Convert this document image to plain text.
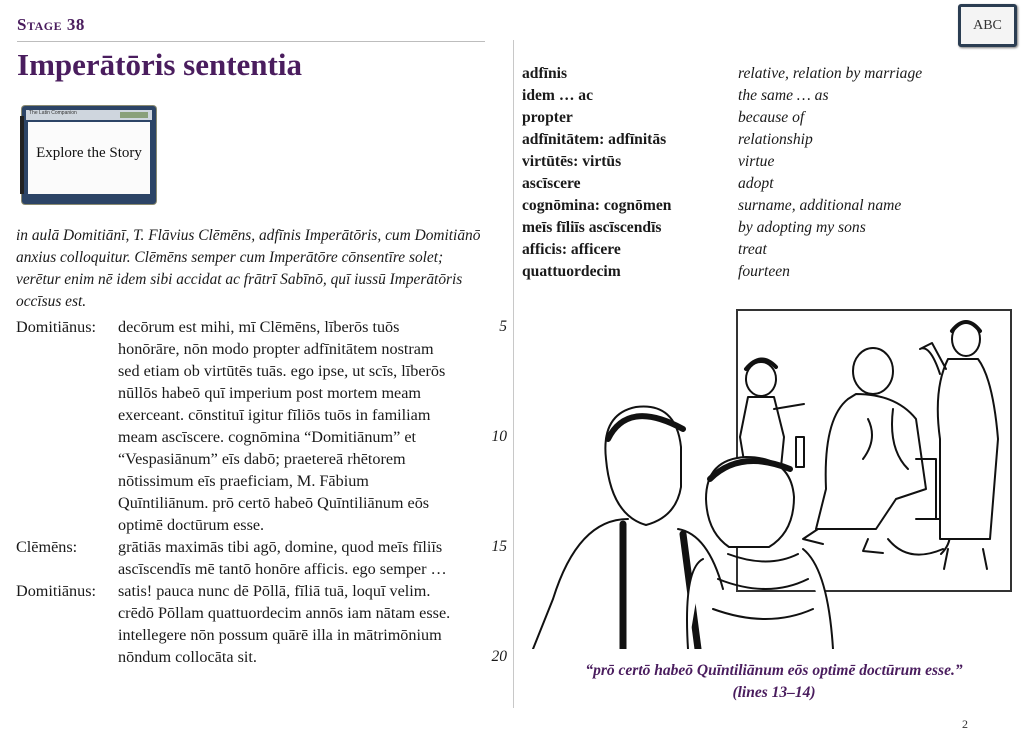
Stage 38
Imperātōris sententia
ABC
The Latin Companion
Explore the Story
in aulā Domitiānī, T. Flāvius Clēmēns, adfīnis Imperātōris, cum Domitiānō anxius colloquitur. Clēmēns semper cum Imperātōre cōnsentīre solet; verētur enim nē idem sibi accidat ac frātrī Sabīnō, quī iussū Imperātōris occīsus est.
Domitiānus: decōrum est mihi, mī Clēmēns, līberōs tuōs	5
honōrāre, nōn modo propter adfīnitātem nostram
sed etiam ob virtūtēs tuās. ego ipse, ut scīs, līberōs
nūllōs habeō quī imperium post mortem meam
exerceant. cōnstituī igitur fīliōs tuōs in familiam
meam ascīscere. cognōmina “Domitiānum” et	10
“Vespasiānum” eīs dabō; praetereā rhētorem
nōtissimum eīs praeficiam, M. Fābium
Quīntiliānum. prō certō habeō Quīntiliānum eōs
optimē doctūrum esse.
Clēmēns:	grātiās maximās tibi agō, domine, quod meīs fīliīs	15
ascīscendīs mē tantō honōre afficis. ego semper …
Domitiānus: satis! pauca nunc dē Pōllā, fīliā tuā, loquī velim.
crēdō Pōllam quattuordecim annōs iam nātam esse.
intellegere nōn possum quārē illa in mātrimōnium
nōndum collocāta sit.	20
adfīnis	relative, relation by marriage
idem … ac	the same … as
propter	because of
adfīnitātem: adfīnitās	relationship
virtūtēs: virtūs	virtue
ascīscere	adopt
cognōmina: cognōmen	surname, additional name
meīs fīliīs ascīscendīs	by adopting my sons
afficis: afficere	treat
quattuordecim	fourteen
“prō certō habeō Quīntiliānum eōs optimē doctūrum esse.”
(lines 13–14)
2
